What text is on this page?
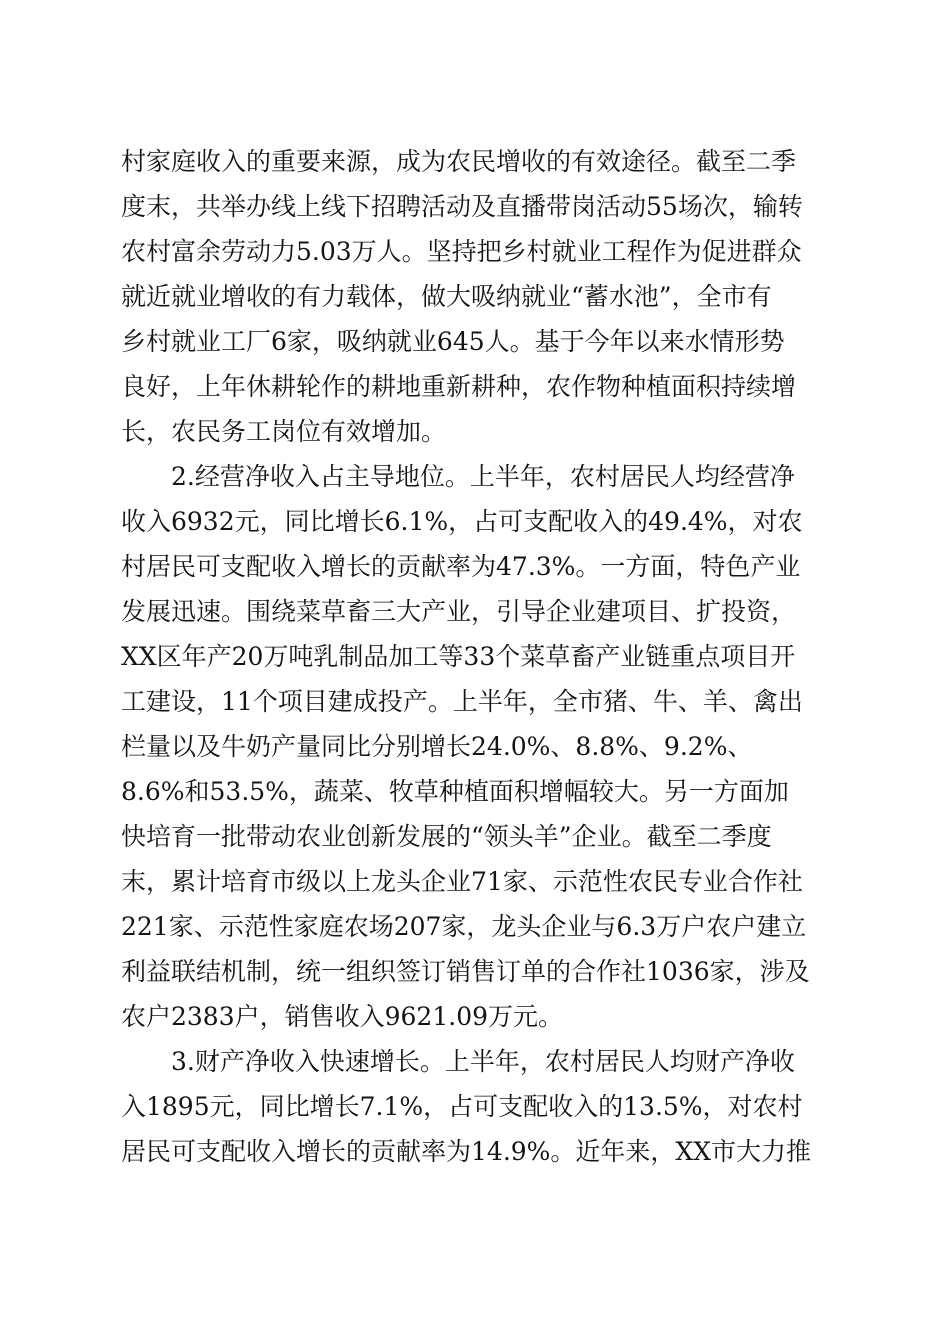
村家庭收入的重要来源，成为农民增收的有效途径。截至二季
度末，共举办线上线下招聘活动及直播带岗活动55场次，输转
农村富余劳动力5.03万人。坚持把乡村就业工程作为促进群众
就近就业增收的有力载体，做大吸纳就业“蓄水池”，全市有
乡村就业工厂6家，吸纳就业645人。基于今年以来水情形势
良好，上年休耕轮作的耕地重新耕种，农作物种植面积持续增
长，农民务工岗位有效增加。
2.经营净收入占主导地位。上半年，农村居民人均经营净
收入6932元，同比增长6.1%，占可支配收入的49.4%，对农
村居民可支配收入增长的贡献率为47.3%。一方面，特色产业
发展迅速。围绕菜草畜三大产业，引导企业建项目、扩投资，
XX区年产20万吨乳制品加工等33个菜草畜产业链重点项目开
工建设，11个项目建成投产。上半年，全市猪、牛、羊、禽出
栏量以及牛奶产量同比分别增长24.0%、8.8%、9.2%、
8.6%和53.5%，蔬菜、牧草种植面积增幅较大。另一方面加
快培育一批带动农业创新发展的“领头羊”企业。截至二季度
末，累计培育市级以上龙头企业71家、示范性农民专业合作社
221家、示范性家庭农场207家，龙头企业与6.3万户农户建立
利益联结机制，统一组织签订销售订单的合作社1036家，涉及
农户2383户，销售收入9621.09万元。
3.财产净收入快速增长。上半年，农村居民人均财产净收
入1895元，同比增长7.1%，占可支配收入的13.5%，对农村
居民可支配收入增长的贡献率为14.9%。近年来，XX市大力推
